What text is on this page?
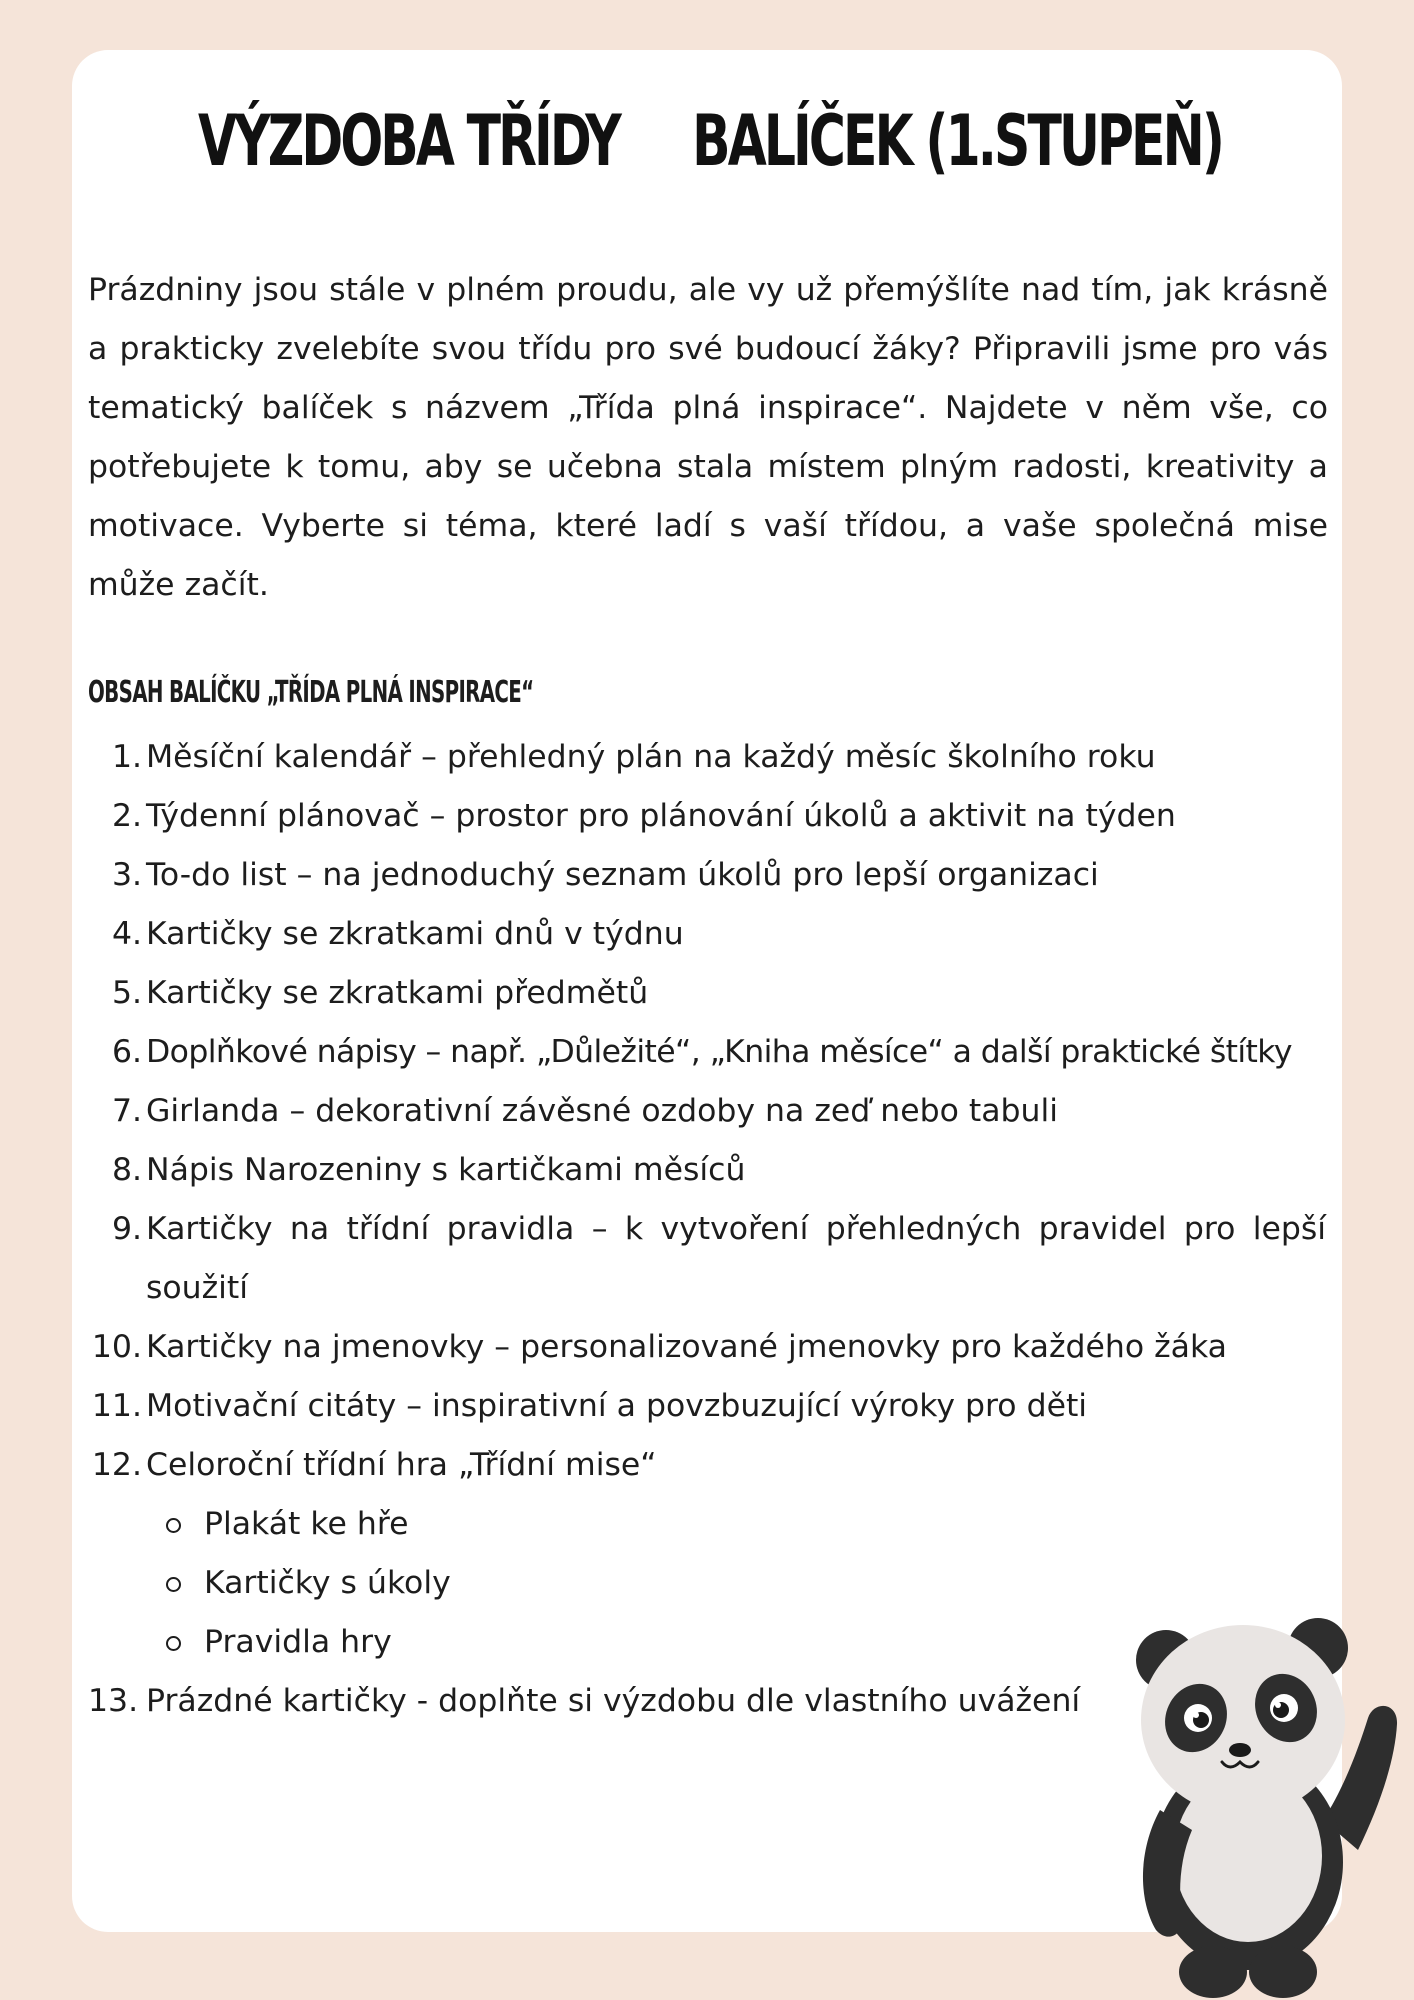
VÝZDOBA TŘÍDY     BALÍČEK (1.STUPEŇ)

Prázdniny jsou stále v plném proudu, ale vy už přemýšlíte nad tím, jak krásně a prakticky zvelebíte svou třídu pro své budoucí žáky? Připravili jsme pro vás tematický balíček s názvem „Třída plná inspirace“. Najdete v něm vše, co potřebujete k tomu, aby se učebna stala místem plným radosti, kreativity a motivace. Vyberte si téma, které ladí s vaší třídou, a vaše společná mise může začít.

OBSAH BALÍČKU „TŘÍDA PLNÁ INSPIRACE“
1. Měsíční kalendář – přehledný plán na každý měsíc školního roku
2. Týdenní plánovač – prostor pro plánování úkolů a aktivit na týden
3. To-do list – na jednoduchý seznam úkolů pro lepší organizaci
4. Kartičky se zkratkami dnů v týdnu
5. Kartičky se zkratkami předmětů
6. Doplňkové nápisy – např. „Důležité“, „Kniha měsíce“ a další praktické štítky
7. Girlanda – dekorativní závěsné ozdoby na zeď nebo tabuli
8. Nápis Narozeniny s kartičkami měsíců
9. Kartičky na třídní pravidla – k vytvoření přehledných pravidel pro lepší soužití
10. Kartičky na jmenovky – personalizované jmenovky pro každého žáka
11. Motivační citáty – inspirativní a povzbuzující výroky pro děti
12. Celoroční třídní hra „Třídní mise“
Plakát ke hře
Kartičky s úkoly
Pravidla hry
13. Prázdné kartičky - doplňte si výzdobu dle vlastního uvážení
